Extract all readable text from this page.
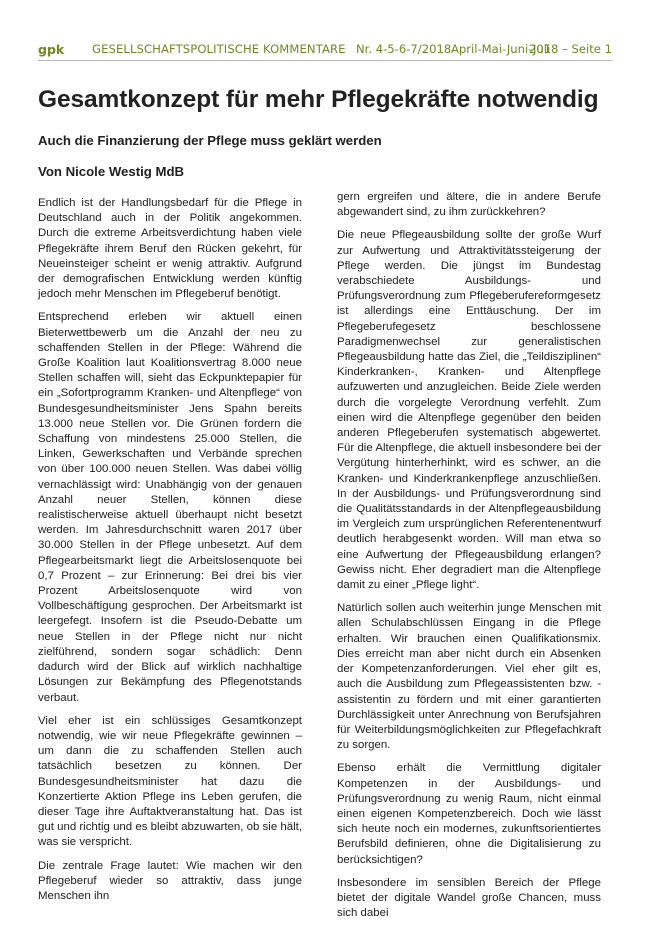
gpk GESELLSCHAFTSPOLITISCHE KOMMENTARE Nr. 4-5-6-7/2018 April-Mai-Juni-Juli
2018 – Seite 1
Gesamtkonzept für mehr Pflegekräfte notwendig
Auch die Finanzierung der Pflege muss geklärt werden
Von Nicole Westig MdB

Endlich ist der Handlungsbedarf für die Pflege in Deutschland auch in der Politik angekommen. Durch die extreme Arbeitsverdichtung haben viele Pflegekräfte ihrem Beruf den Rücken gekehrt, für Neueinsteiger scheint er wenig attraktiv. Aufgrund der demografischen Entwicklung werden künftig jedoch mehr Menschen im Pflegeberuf benötigt.

Entsprechend erleben wir aktuell einen Bieterwettbewerb um die Anzahl der neu zu schaffenden Stellen in der Pflege: Während die Große Koalition laut Koalitionsvertrag 8.000 neue Stellen schaffen will, sieht das Eckpunktepapier für ein „Sofortprogramm Kranken- und Altenpflege“ von Bundesgesundheitsminister Jens Spahn bereits 13.000 neue Stellen vor. Die Grünen fordern die Schaffung von mindestens 25.000 Stellen, die Linken, Gewerkschaften und Verbände sprechen von über 100.000 neuen Stellen. Was dabei völlig vernachlässigt wird: Unabhängig von der genauen Anzahl neuer Stellen, können diese realistischerweise aktuell überhaupt nicht besetzt werden. Im Jahresdurchschnitt waren 2017 über 30.000 Stellen in der Pflege unbesetzt. Auf dem Pflegearbeitsmarkt liegt die Arbeitslosenquote bei 0,7 Prozent – zur Erinnerung: Bei drei bis vier Prozent Arbeitslosenquote wird von Vollbeschäftigung gesprochen. Der Arbeitsmarkt ist leergefegt. Insofern ist die Pseudo-Debatte um neue Stellen in der Pflege nicht nur nicht zielführend, sondern sogar schädlich: Denn dadurch wird der Blick auf wirklich nachhaltige Lösungen zur Bekämpfung des Pflegenotstands verbaut.

Viel eher ist ein schlüssiges Gesamtkonzept notwendig, wie wir neue Pflegekräfte gewinnen – um dann die zu schaffenden Stellen auch tatsächlich besetzen zu können. Der Bundesgesundheitsminister hat dazu die Konzertierte Aktion Pflege ins Leben gerufen, die dieser Tage ihre Auftaktveranstaltung hat. Das ist gut und richtig und es bleibt abzuwarten, ob sie hält, was sie verspricht.

Die zentrale Frage lautet: Wie machen wir den Pflegeberuf wieder so attraktiv, dass junge Menschen ihn

gern ergreifen und ältere, die in andere Berufe abgewandert sind, zu ihm zurückkehren?

Die neue Pflegeausbildung sollte der große Wurf zur Aufwertung und Attraktivitätssteigerung der Pflege werden. Die jüngst im Bundestag verabschiedete Ausbildungs- und Prüfungsverordnung zum Pflegeberufereformgesetz ist allerdings eine Enttäuschung. Der im Pflegeberufegesetz beschlossene Paradigmenwechsel zur generalistischen Pflegeausbildung hatte das Ziel, die „Teildisziplinen“ Kinderkranken-, Kranken- und Altenpflege aufzuwerten und anzugleichen. Beide Ziele werden durch die vorgelegte Verordnung verfehlt. Zum einen wird die Altenpflege gegenüber den beiden anderen Pflegeberufen systematisch abgewertet. Für die Altenpflege, die aktuell insbesondere bei der Vergütung hinterherhinkt, wird es schwer, an die Kranken- und Kinderkrankenpflege anzuschließen. In der Ausbildungs- und Prüfungsverordnung sind die Qualitätsstandards in der Altenpflegeausbildung im Vergleich zum ursprünglichen Referentenentwurf deutlich herabgesenkt worden. Will man etwa so eine Aufwertung der Pflegeausbildung erlangen? Gewiss nicht. Eher degradiert man die Altenpflege damit zu einer „Pflege light“.

Natürlich sollen auch weiterhin junge Menschen mit allen Schulabschlüssen Eingang in die Pflege erhalten. Wir brauchen einen Qualifikationsmix. Dies erreicht man aber nicht durch ein Absenken der Kompetenzanforderungen. Viel eher gilt es, auch die Ausbildung zum Pflegeassistenten bzw. -assistentin zu fördern und mit einer garantierten Durchlässigkeit unter Anrechnung von Berufsjahren für Weiterbildungsmöglichkeiten zur Pflegefachkraft zu sorgen.

Ebenso erhält die Vermittlung digitaler Kompetenzen in der Ausbildungs- und Prüfungsverordnung zu wenig Raum, nicht einmal einen eigenen Kompetenzbereich. Doch wie lässt sich heute noch ein modernes, zukunftsorientiertes Berufsbild definieren, ohne die Digitalisierung zu berücksichtigen?

Insbesondere im sensiblen Bereich der Pflege bietet der digitale Wandel große Chancen, muss sich dabei
